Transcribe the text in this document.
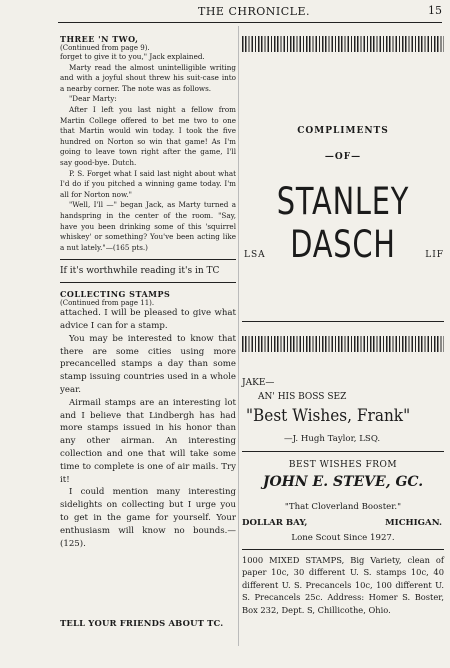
THE CHRONICLE.	15

THREE 'N TWO,

(Continued from page 9).

forget to give it to you," Jack explained.

Marty read the almost unintelligible writing and with a joyful shout threw his suit-case into a nearby corner. The note was as follows.

"Dear Marty:

After I left you last night a fellow from Martin College offered to bet me two to one that Martin would win today. I took the five hundred on Norton so win that game! As I'm going to leave town right after the game, I'll say good-bye. Dutch.

P. S. Forget what I said last night about what I'd do if you pitched a winning game today. I'm all for Norton now."

"Well, I'll —" began Jack, as Marty turned a handspring in the center of the room. "Say, have you been drinking some of this 'squirrel whiskey' or something? You've been acting like a nut lately."—(165 pts.)

If it's worthwhile reading it's in TC

COLLECTING STAMPS

(Continued from page 11).

attached. I will be pleased to give what advice I can for a stamp.

You may be interested to know that there are some cities using more precancelled stamps a day than some stamp issuing countries used in a whole year.

Airmail stamps are an interesting lot and I believe that Lindbergh has had more stamps issued in his honor than any other airman. An interesting collection and one that will take some time to complete is one of air mails. Try it!

I could mention many interesting sidelights on collecting but I urge you to get in the game for yourself. Your enthusiasm will know no bounds.—(125).

TELL YOUR FRIENDS ABOUT TC.
COMPLIMENTS
—OF—
STANLEY DASCH
LSA	LIF
JAKE—
AN' HIS BOSS SEZ
"Best Wishes, Frank"
—J. Hugh Taylor, LSQ.
BEST WISHES FROM
JOHN E. STEVE, GC.
"That Cloverland Booster."
DOLLAR BAY,	MICHIGAN.
Lone Scout Since 1927.
1000 MIXED STAMPS, Big Variety, clean of paper 10c, 30 different U. S. stamps 10c, 40 different U. S. Precancels 10c, 100 different U. S. Precancels 25c. Address: Homer S. Boster, Box 232, Dept. S, Chillicothe, Ohio.
